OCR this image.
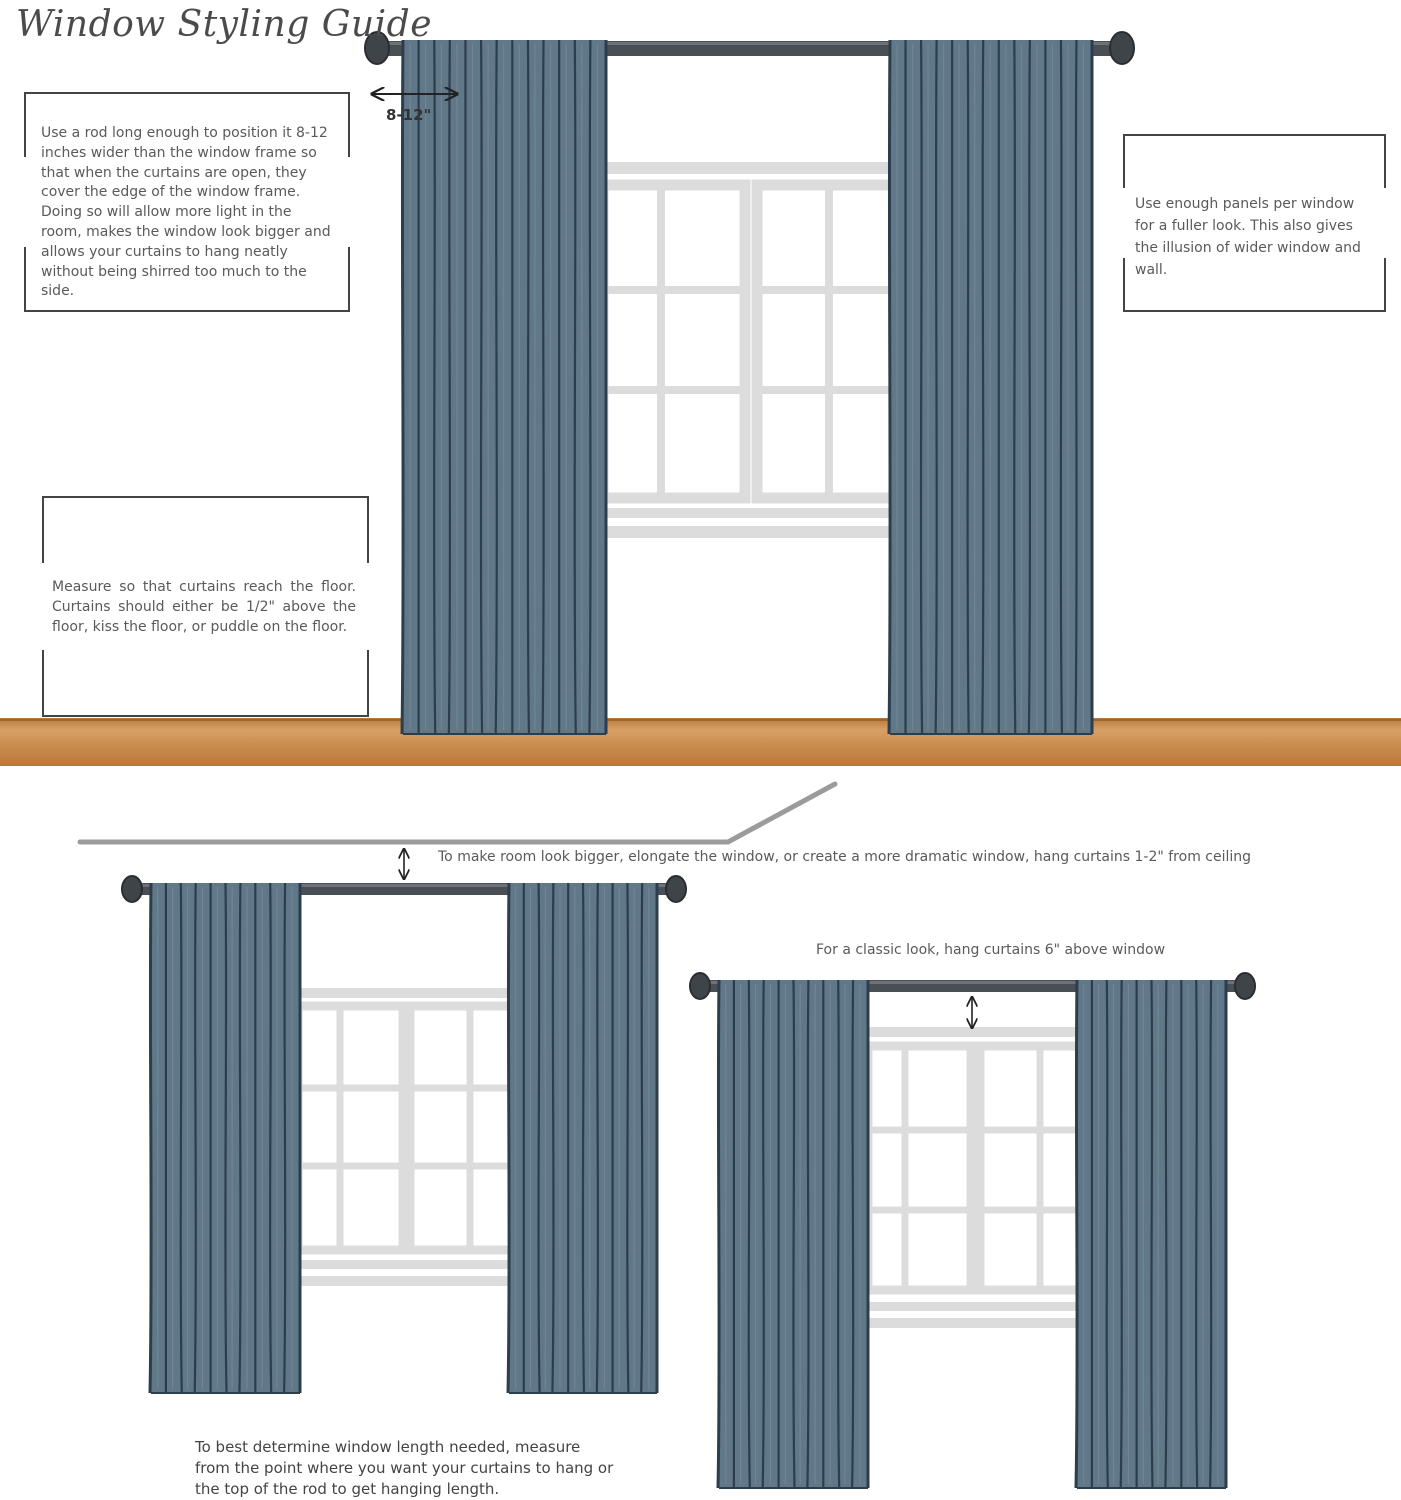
Window Styling Guide
8-12"
Use a rod long enough to position it 8-12 inches wider than the window frame so that when the curtains are open, they cover the edge of the window frame. Doing so will allow more light in the room, makes the window look bigger and allows your curtains to hang neatly without being shirred too much to the side.
Use enough panels per window for a fuller look. This also gives the illusion of wider window and wall.
Measure so that curtains reach the floor. Curtains should either be 1/2" above the floor, kiss the floor, or puddle on the floor.
To make room look bigger, elongate the window, or create a more dramatic window, hang curtains 1-2" from ceiling
For a classic look, hang curtains 6" above window
To best determine window length needed, measure from the point where you want your curtains to hang or the top of the rod to get hanging length.
